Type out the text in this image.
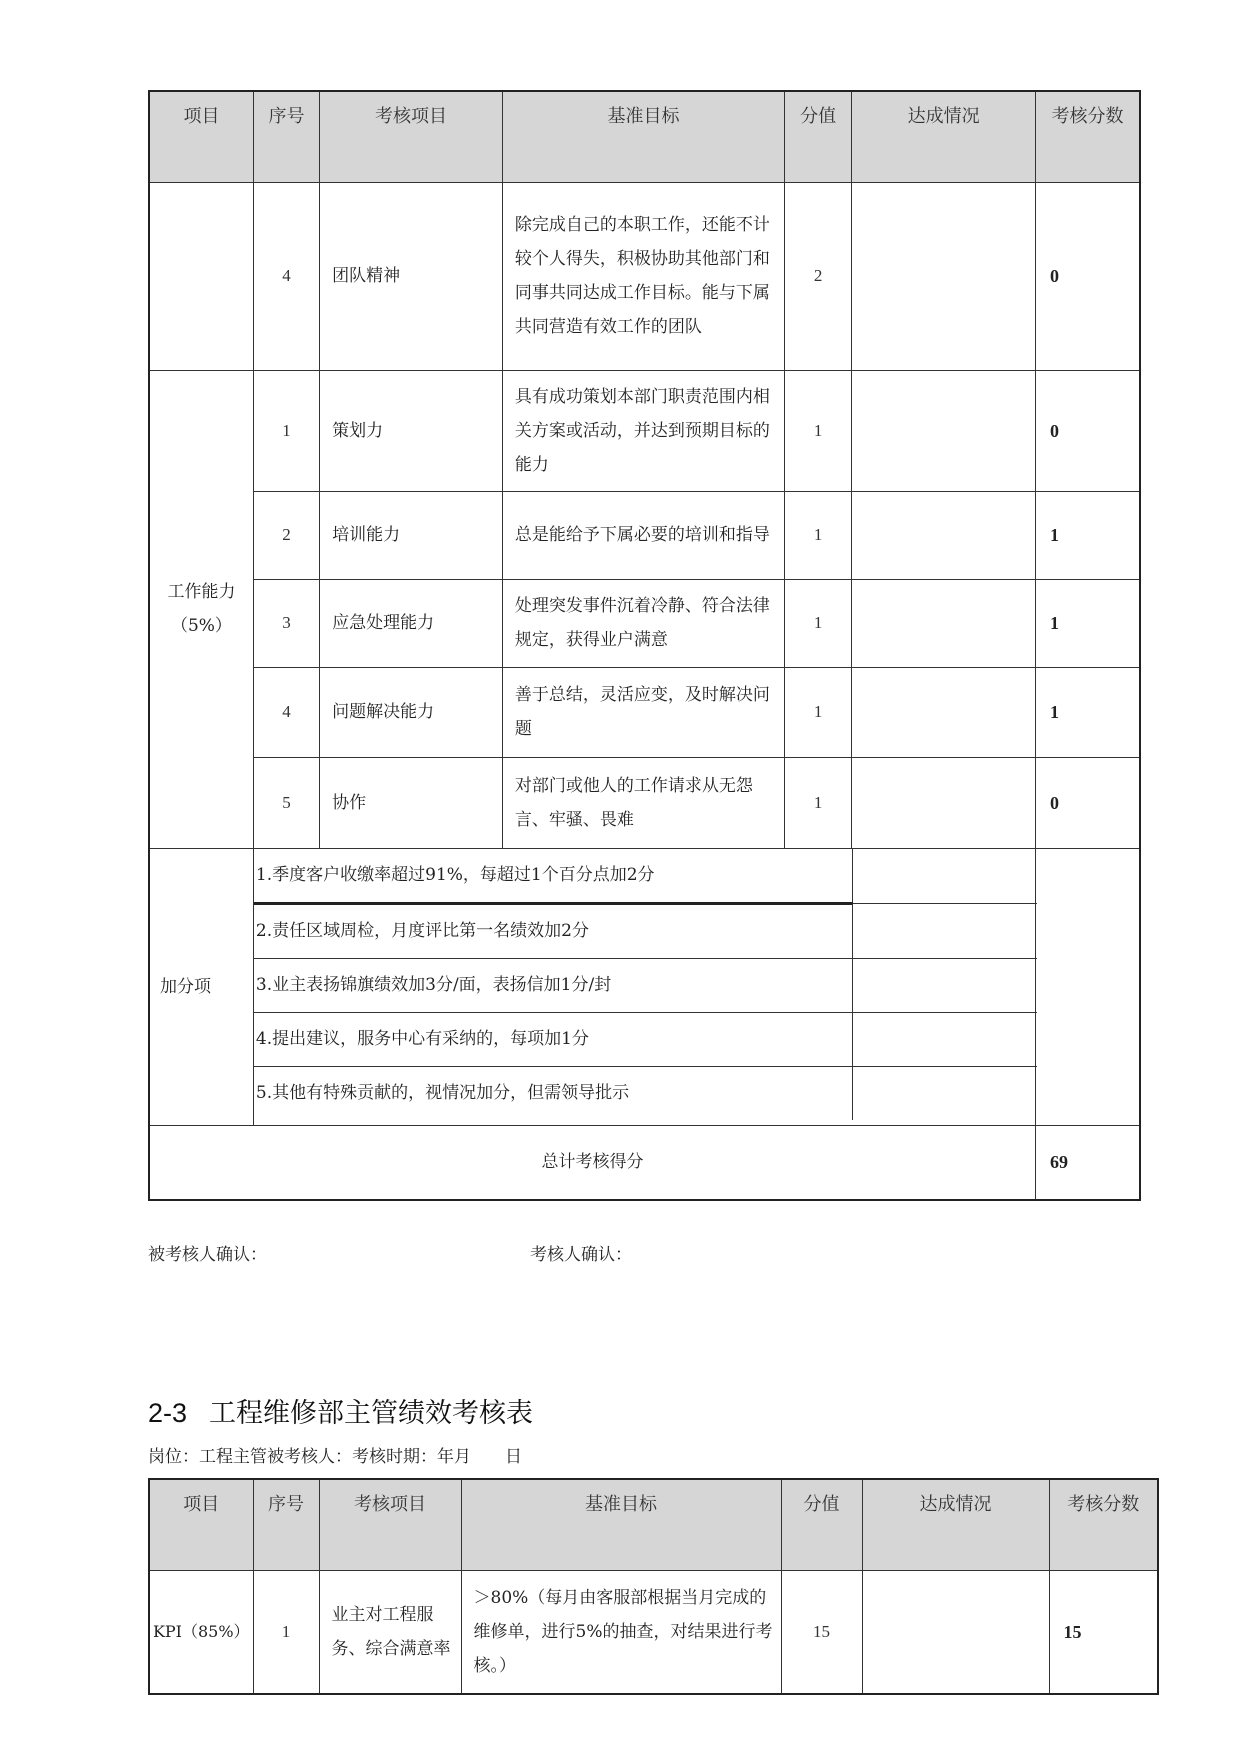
项目	序号	考核项目	基准目标	分值	达成情况	考核分数
	4	团队精神	除完成自己的本职工作，还能不计较个人得失，积极协助其他部门和同事共同达成工作目标。能与下属共同营造有效工作的团队	2		0
工作能力
（5%）	1	策划力	具有成功策划本部门职责范围内相关方案或活动，并达到预期目标的能力	1		0
2	培训能力	总是能给予下属必要的培训和指导	1		1
3	应急处理能力	处理突发事件沉着冷静、符合法律规定，获得业户满意	1		1
4	问题解决能力	善于总结，灵活应变，及时解决问题	1		1
5	协作	对部门或他人的工作请求从无怨言、牢骚、畏难	1		0
加分项	
1.季度客户收缴率超过91%，每超过1个百分点加2分	
2.责任区域周检，月度评比第一名绩效加2分	
3.业主表扬锦旗绩效加3分/面，表扬信加1分/封	
4.提出建议，服务中心有采纳的，每项加1分	
5.其他有特殊贡献的，视情况加分，但需领导批示	

总计考核得分	69
被考核人确认：	考核人确认：
2-3 工程维修部主管绩效考核表
岗位：工程主管被考核人：考核时期：年月　　日
项目	序号	考核项目	基准目标	分值	达成情况	考核分数
KPI（85%）	1	业主对工程服务、综合满意率	＞80%（每月由客服部根据当月完成的维修单，进行5%的抽查，对结果进行考核。）	15		15
